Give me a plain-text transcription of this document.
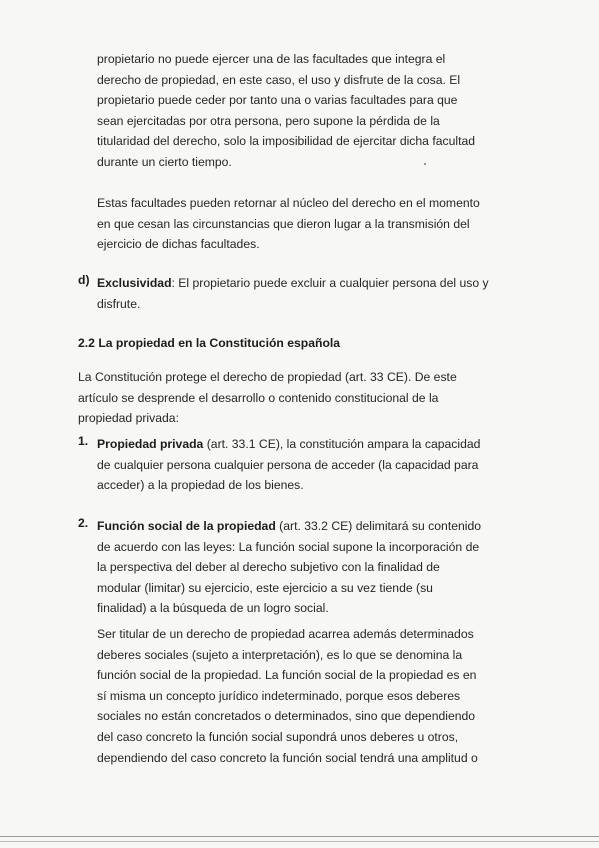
propietario no puede ejercer una de las facultades que integra el
derecho de propiedad, en este caso, el uso y disfrute de la cosa. El
propietario puede ceder por tanto una o varias facultades para que
sean ejercitadas por otra persona, pero supone la pérdida de la
titularidad del derecho, solo la imposibilidad de ejercitar dicha facultad
durante un cierto tiempo.
Estas facultades pueden retornar al núcleo del derecho en el momento
en que cesan las circunstancias que dieron lugar a la transmisión del
ejercicio de dichas facultades.
d) Exclusividad: El propietario puede excluir a cualquier persona del uso y
disfrute.
2.2 La propiedad en la Constitución española
La Constitución protege el derecho de propiedad (art. 33 CE). De este
artículo se desprende el desarrollo o contenido constitucional de la
propiedad privada:
1. Propiedad privada (art. 33.1 CE), la constitución ampara la capacidad
de cualquier persona cualquier persona de acceder (la capacidad para
acceder) a la propiedad de los bienes.
2. Función social de la propiedad (art. 33.2 CE) delimitará su contenido
de acuerdo con las leyes: La función social supone la incorporación de
la perspectiva del deber al derecho subjetivo con la finalidad de
modular (limitar) su ejercicio, este ejercicio a su vez tiende (su
finalidad) a la búsqueda de un logro social.
Ser titular de un derecho de propiedad acarrea además determinados
deberes sociales (sujeto a interpretación), es lo que se denomina la
función social de la propiedad. La función social de la propiedad es en
sí misma un concepto jurídico indeterminado, porque esos deberes
sociales no están concretados o determinados, sino que dependiendo
del caso concreto la función social supondrá unos deberes u otros,
dependiendo del caso concreto la función social tendrá una amplitud o
